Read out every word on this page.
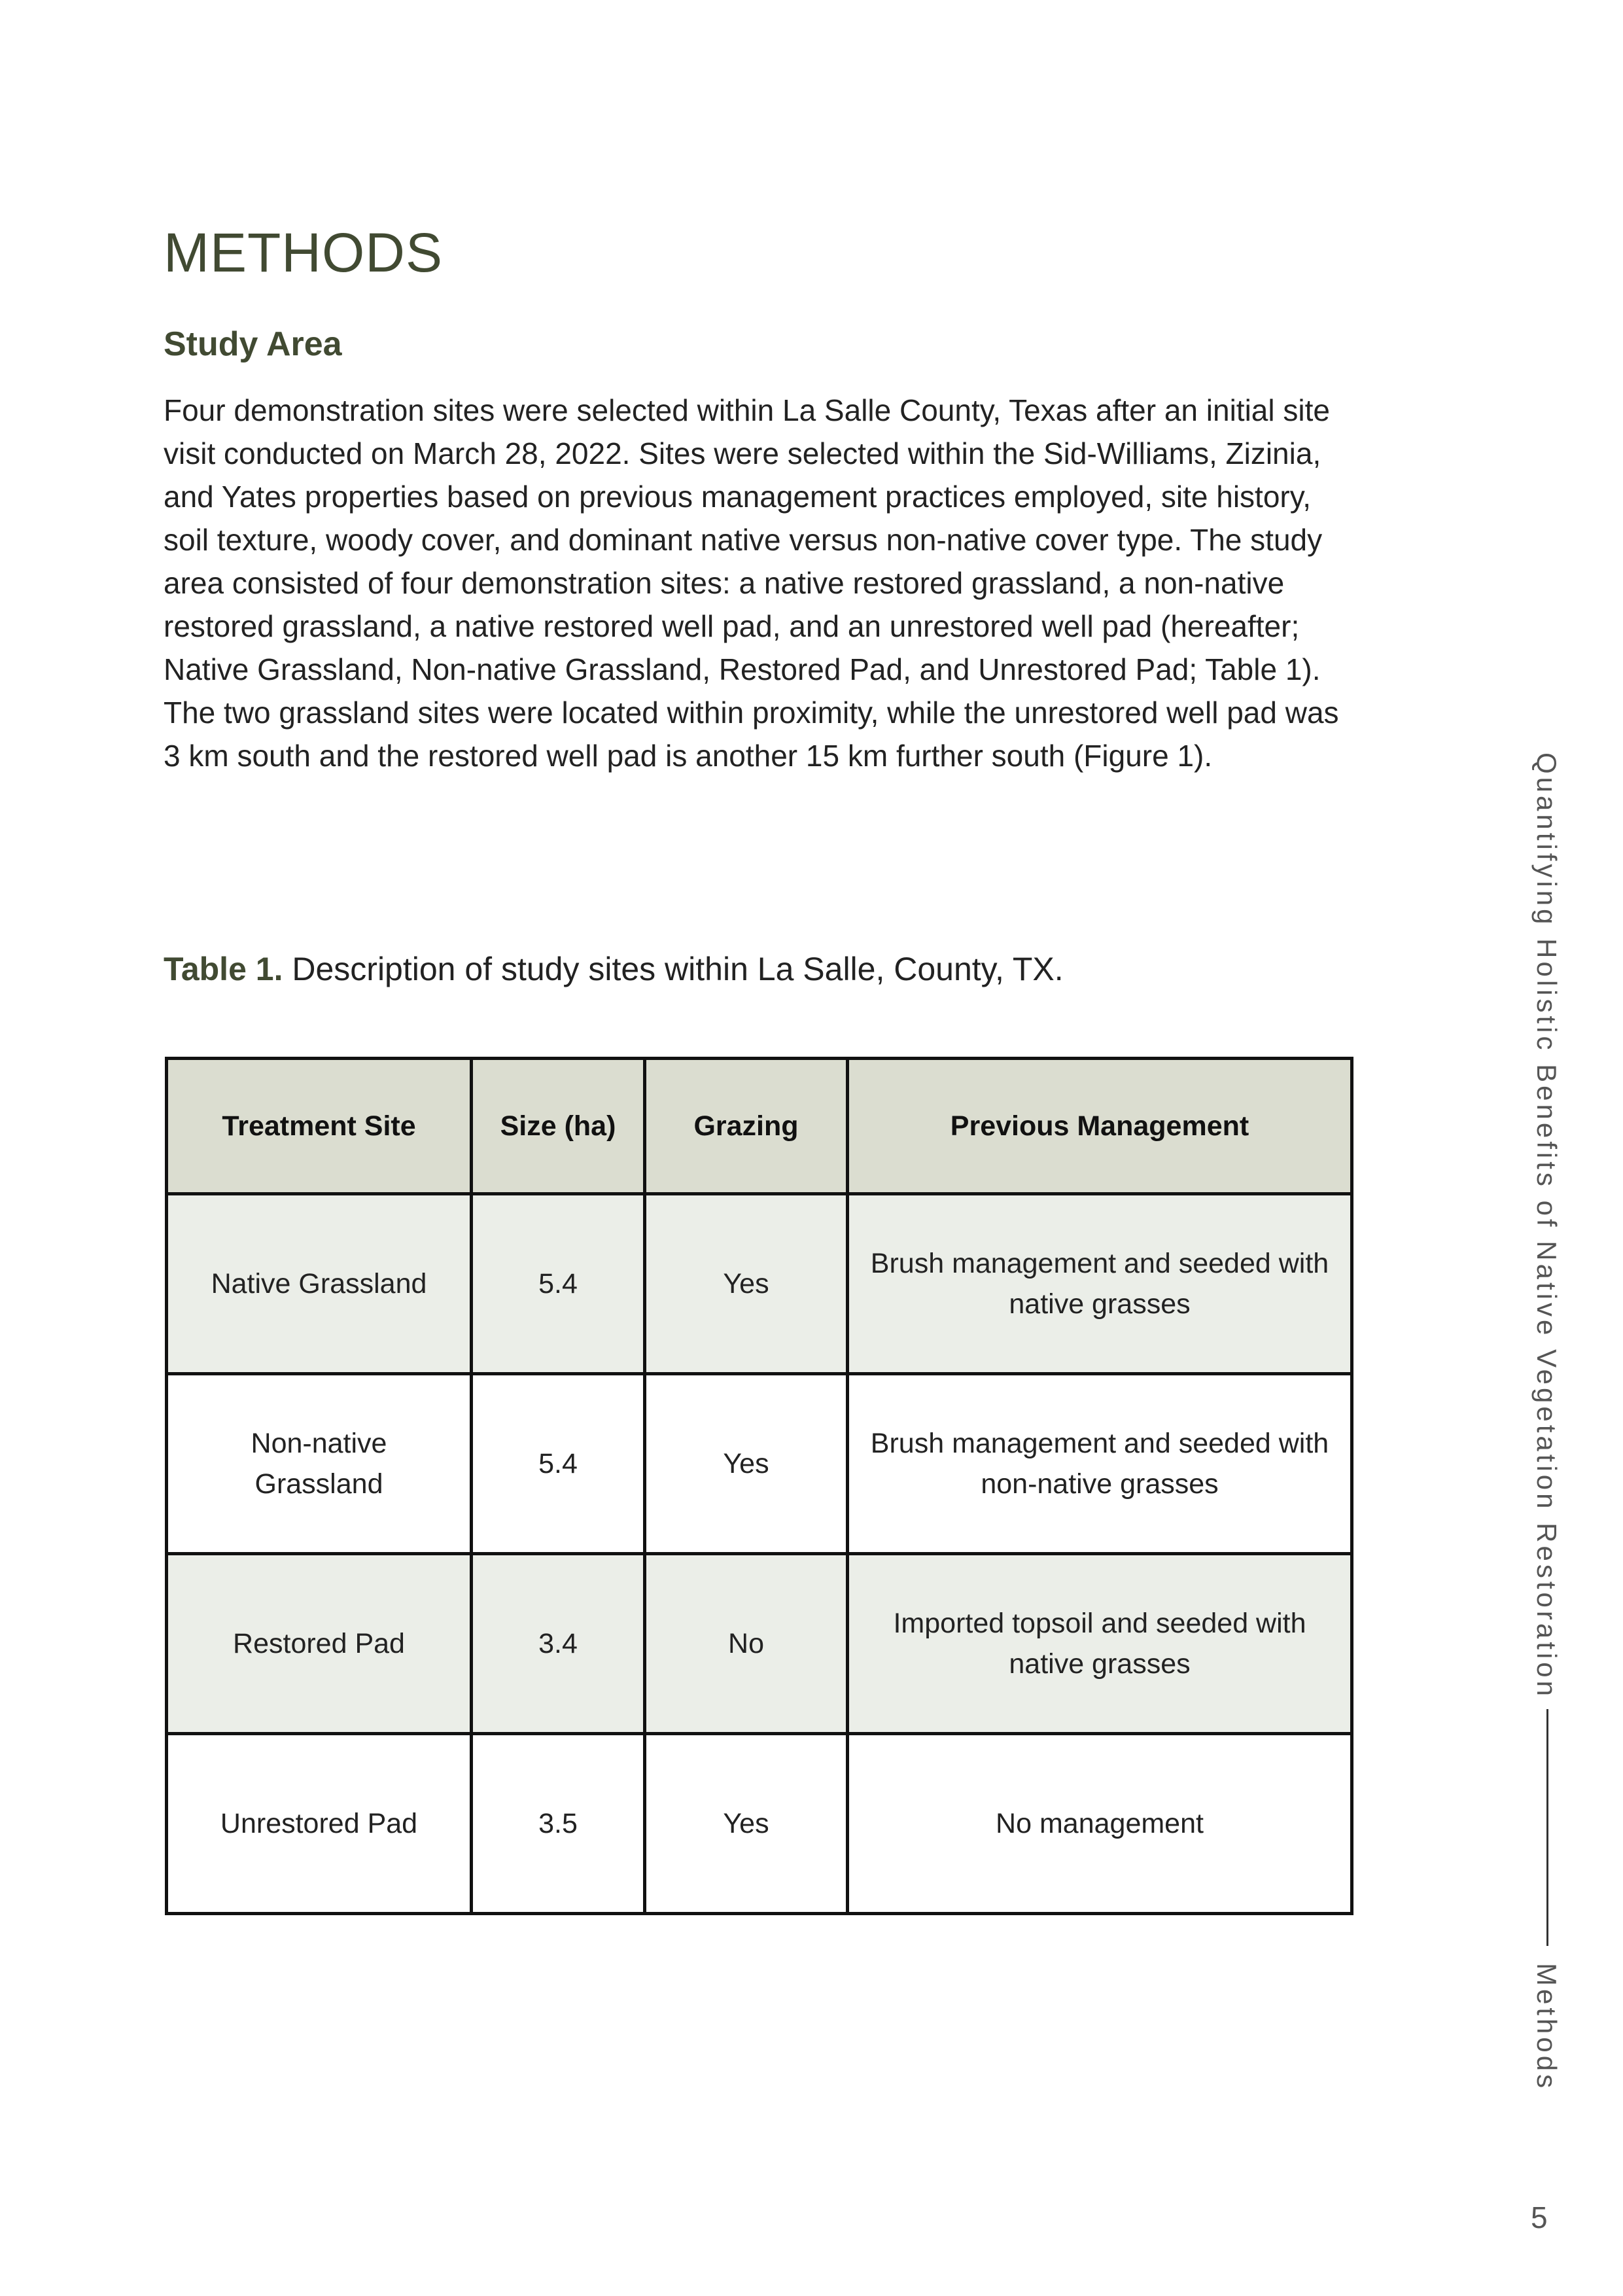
METHODS
Study Area

Four demonstration sites were selected within La Salle County, Texas after an initial site visit conducted on March 28, 2022. Sites were selected within the Sid-Williams, Zizinia, and Yates properties based on previous management practices employed, site history, soil texture, woody cover, and dominant native versus non-native cover type. The study area consisted of four demonstration sites: a native restored grassland, a non-native restored grassland, a native restored well pad, and an unrestored well pad (hereafter; Native Grassland, Non-native Grassland, Restored Pad, and Unrestored Pad; Table 1). The two grassland sites were located within proximity, while the unrestored well pad was 3 km south and the restored well pad is another 15 km further south (Figure 1).

Table 1. Description of study sites within La Salle, County, TX.

Treatment Site	Size (ha)	Grazing	Previous Management
Native Grassland	5.4	Yes	Brush management and seeded with native grasses
Non-native Grassland	5.4	Yes	Brush management and seeded with non-native grasses
Restored Pad	3.4	No	Imported topsoil and seeded with native grasses
Unrestored Pad	3.5	Yes	No management
Quantifying Holistic Benefits of Native Vegetation Restoration
Methods
5
